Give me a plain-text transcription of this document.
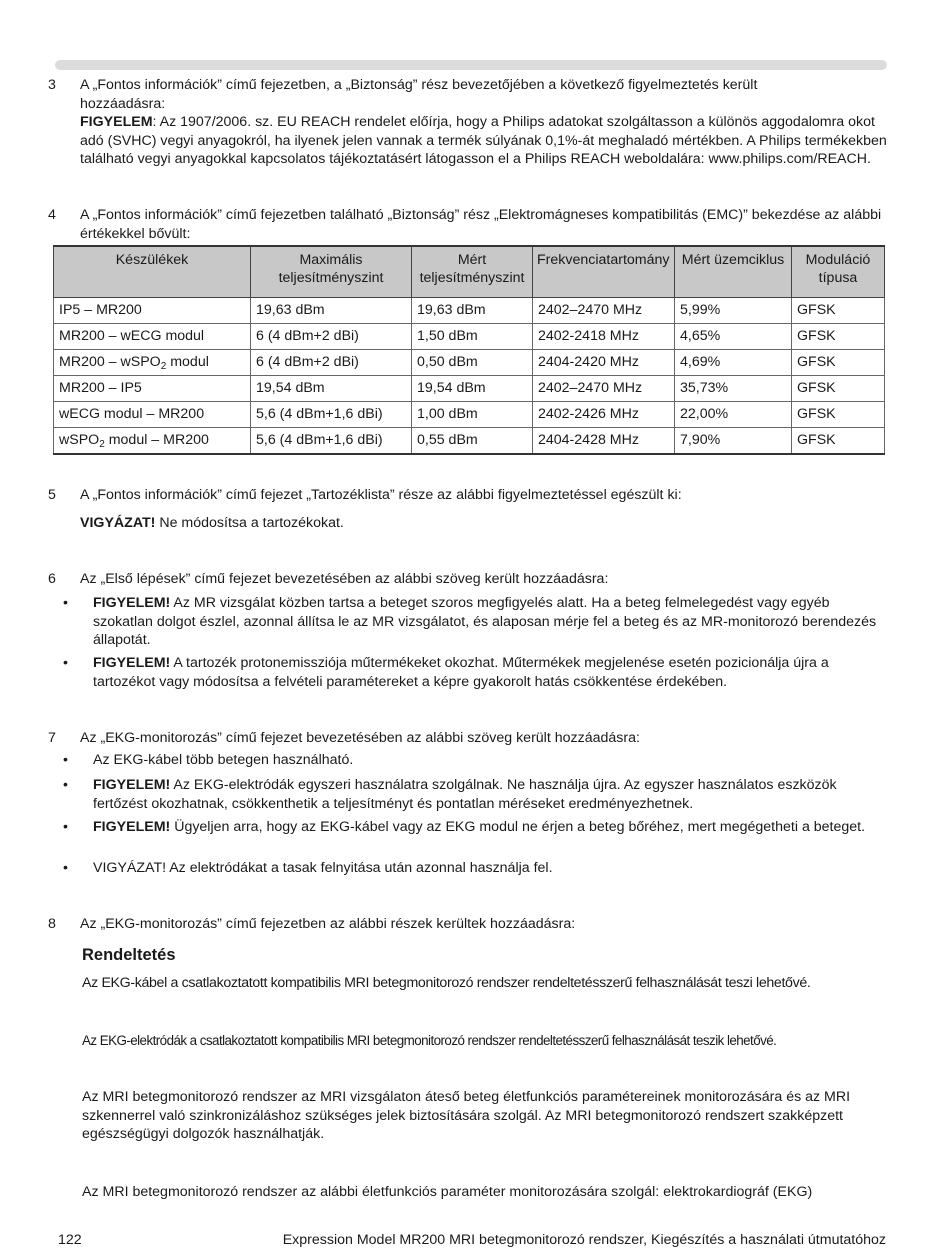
3 A „Fontos információk” című fejezetben, a „Biztonság” rész bevezetőjében a következő figyelmeztetés került
hozzáadásra:
FIGYELEM: Az 1907/2006. sz. EU REACH rendelet előírja, hogy a Philips adatokat szolgáltasson a különös aggodalomra okot adó (SVHC) vegyi anyagokról, ha ilyenek jelen vannak a termék súlyának 0,1%-át meghaladó mértékben. A Philips termékekben található vegyi anyagokkal kapcsolatos tájékoztatásért látogasson el a Philips REACH weboldalára: www.philips.com/REACH.
4 A „Fontos információk” című fejezetben található „Biztonság” rész „Elektromágneses kompatibilitás (EMC)” bekezdése az alábbi értékekkel bővült:
Készülékek	Maximális teljesítményszint	Mért teljesítményszint	Frekvenciatartomány	Mért üzemciklus	Moduláció típusa
IP5 – MR200	19,63 dBm	19,63 dBm	2402–2470 MHz	5,99%	GFSK
MR200 – wECG modul	6 (4 dBm+2 dBi)	1,50 dBm	2402-2418 MHz	4,65%	GFSK
MR200 – wSPO$_2$ modul	6 (4 dBm+2 dBi)	0,50 dBm	2404-2420 MHz	4,69%	GFSK
MR200 – IP5	19,54 dBm	19,54 dBm	2402–2470 MHz	35,73%	GFSK
wECG modul – MR200	5,6 (4 dBm+1,6 dBi)	1,00 dBm	2402-2426 MHz	22,00%	GFSK
wSPO$_2$ modul – MR200	5,6 (4 dBm+1,6 dBi)	0,55 dBm	2404-2428 MHz	7,90%	GFSK
5 A „Fontos információk” című fejezet „Tartozéklista” része az alábbi figyelmeztetéssel egészült ki:
VIGYÁZAT! Ne módosítsa a tartozékokat.
6 Az „Első lépések” című fejezet bevezetésében az alábbi szöveg került hozzáadásra:
• FIGYELEM! Az MR vizsgálat közben tartsa a beteget szoros megfigyelés alatt. Ha a beteg felmelegedést vagy egyéb szokatlan dolgot észlel, azonnal állítsa le az MR vizsgálatot, és alaposan mérje fel a beteg és az MR-monitorozó berendezés állapotát.
• FIGYELEM! A tartozék protonemissziója műtermékeket okozhat. Műtermékek megjelenése esetén pozicionálja újra a tartozékot vagy módosítsa a felvételi paramétereket a képre gyakorolt hatás csökkentése érdekében.
7 Az „EKG-monitorozás” című fejezet bevezetésében az alábbi szöveg került hozzáadásra:
• Az EKG-kábel több betegen használható.
• FIGYELEM! Az EKG-elektródák egyszeri használatra szolgálnak. Ne használja újra. Az egyszer használatos eszközök fertőzést okozhatnak, csökkenthetik a teljesítményt és pontatlan méréseket eredményezhetnek.
• FIGYELEM! Ügyeljen arra, hogy az EKG-kábel vagy az EKG modul ne érjen a beteg bőréhez, mert megégetheti a beteget.
• VIGYÁZAT! Az elektródákat a tasak felnyitása után azonnal használja fel.
8 Az „EKG-monitorozás” című fejezetben az alábbi részek kerültek hozzáadásra:
Rendeltetés
Az EKG-kábel a csatlakoztatott kompatibilis MRI betegmonitorozó rendszer rendeltetésszerű felhasználását teszi lehetővé.
Az EKG-elektródák a csatlakoztatott kompatibilis MRI betegmonitorozó rendszer rendeltetésszerű felhasználását teszik lehetővé.
Az MRI betegmonitorozó rendszer az MRI vizsgálaton áteső beteg életfunkciós paramétereinek monitorozására és az MRI szkennerrel való szinkronizáláshoz szükséges jelek biztosítására szolgál. Az MRI betegmonitorozó rendszert szakképzett egészségügyi dolgozók használhatják.
Az MRI betegmonitorozó rendszer az alábbi életfunkciós paraméter monitorozására szolgál: elektrokardiográf (EKG)
122	Expression Model MR200 MRI betegmonitorozó rendszer, Kiegészítés a használati útmutatóhoz
